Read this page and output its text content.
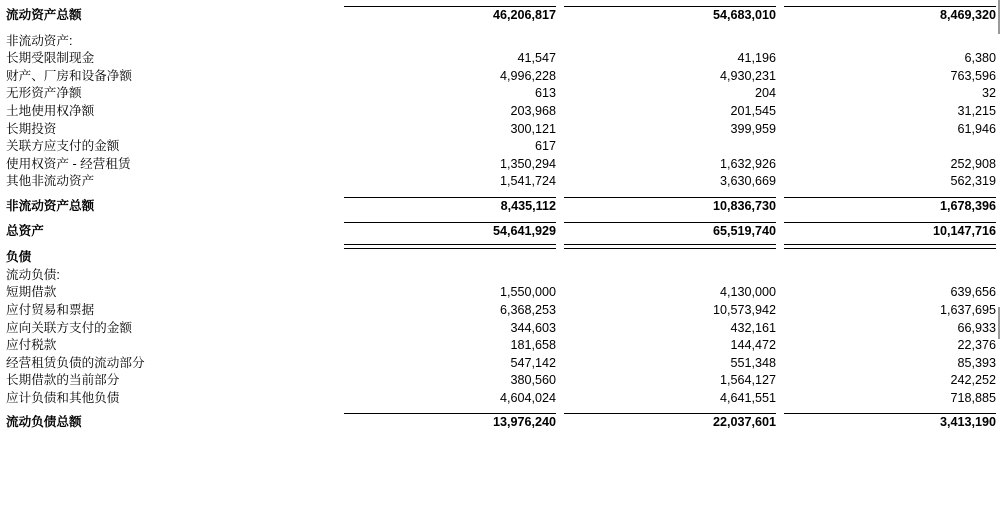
流动资产总额	46,206,817	54,683,010	8,469,320

非流动资产:			
长期受限制现金	41,547	41,196	6,380
财产、厂房和设备净额	4,996,228	4,930,231	763,596
无形资产净额	613	204	32
土地使用权净额	203,968	201,545	31,215
长期投资	300,121	399,959	61,946
关联方应支付的金额	617		
使用权资产 - 经营租赁	1,350,294	1,632,926	252,908
其他非流动资产	1,541,724	3,630,669	562,319

非流动资产总额	8,435,112	10,836,730	1,678,396

总资产	54,641,929	65,519,740	10,147,716

负债			
流动负债:			
短期借款	1,550,000	4,130,000	639,656
应付贸易和票据	6,368,253	10,573,942	1,637,695
应向关联方支付的金额	344,603	432,161	66,933
应付税款	181,658	144,472	22,376
经营租赁负债的流动部分	547,142	551,348	85,393
长期借款的当前部分	380,560	1,564,127	242,252
应计负债和其他负债	4,604,024	4,641,551	718,885

流动负债总额	13,976,240	22,037,601	3,413,190
